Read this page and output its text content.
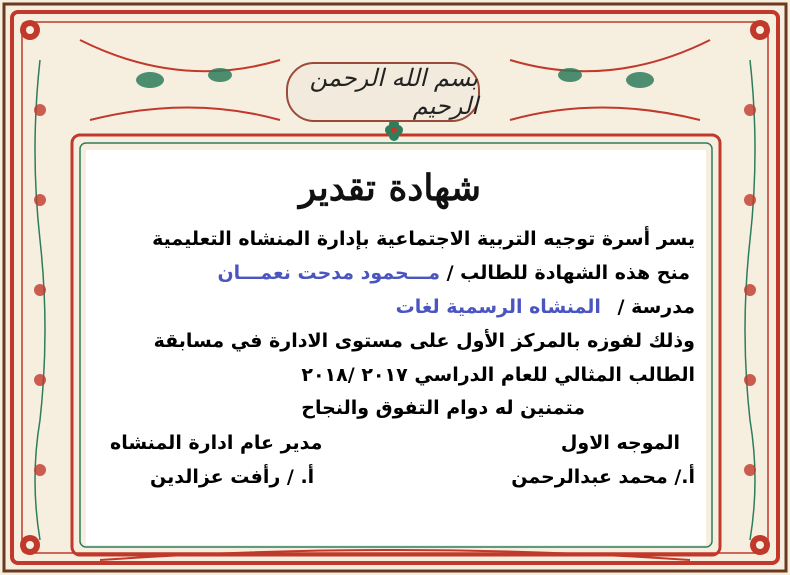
بسم الله الرحمن الرحيم
شهادة تقدير
يسر أسرة توجيه التربية الاجتماعية بإدارة المنشاه التعليمية
منح هذه الشهادة للطالب / مـــحمود مدحت نعمـــان
مدرسة / المنشاه الرسمية لغات
وذلك لفوزه بالمركز الأول على مستوى الادارة في مسابقة
الطالب المثالي للعام الدراسي ٢٠١٧ /٢٠١٨
متمنين له دوام التفوق والنجاح
الموجه الاول
أ./ محمد عبدالرحمن
مدير عام ادارة المنشاه
أ. / رأفت عزالدين
